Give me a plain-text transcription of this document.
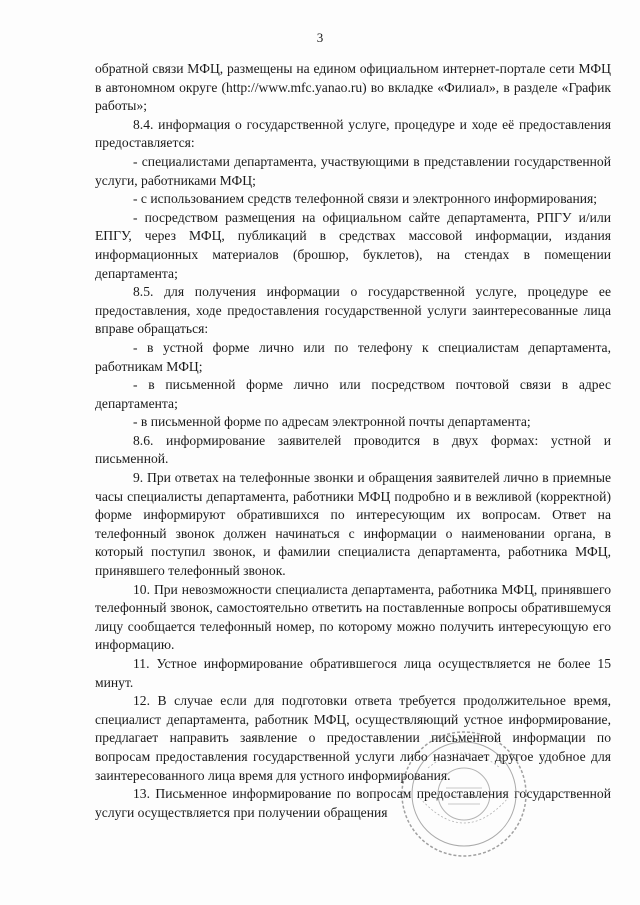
3

обратной связи МФЦ, размещены на едином официальном интернет-портале сети МФЦ в автономном округе (http://www.mfc.yanao.ru) во вкладке «Филиал», в разделе «График работы»;

8.4. информация о государственной услуге, процедуре и ходе её предоставления предоставляется:

- специалистами департамента, участвующими в представлении государственной услуги, работниками МФЦ;

- с использованием средств телефонной связи и электронного информирования;

- посредством размещения на официальном сайте департамента, РПГУ и/или ЕПГУ, через МФЦ, публикаций в средствах массовой информации, издания информационных материалов (брошюр, буклетов), на стендах в помещении департамента;

8.5. для получения информации о государственной услуге, процедуре ее предоставления, ходе предоставления государственной услуги заинтересованные лица вправе обращаться:

- в устной форме лично или по телефону к специалистам департамента, работникам МФЦ;

- в письменной форме лично или посредством почтовой связи в адрес департамента;

- в письменной форме по адресам электронной почты департамента;

8.6. информирование заявителей проводится в двух формах: устной и письменной.

9. При ответах на телефонные звонки и обращения заявителей лично в приемные часы специалисты департамента, работники МФЦ подробно и в вежливой (корректной) форме информируют обратившихся по интересующим их вопросам. Ответ на телефонный звонок должен начинаться с информации о наименовании органа, в который поступил звонок, и фамилии специалиста департамента, работника МФЦ, принявшего телефонный звонок.

10. При невозможности специалиста департамента, работника МФЦ, принявшего телефонный звонок, самостоятельно ответить на поставленные вопросы обратившемуся лицу сообщается телефонный номер, по которому можно получить интересующую его информацию.

11. Устное информирование обратившегося лица осуществляется не более 15 минут.

12. В случае если для подготовки ответа требуется продолжительное время, специалист департамента, работник МФЦ, осуществляющий устное информирование, предлагает направить заявление о предоставлении письменной информации по вопросам предоставления государственной услуги либо назначает другое удобное для заинтересованного лица время для устного информирования.

13. Письменное информирование по вопросам предоставления государственной услуги осуществляется при получении обращения
